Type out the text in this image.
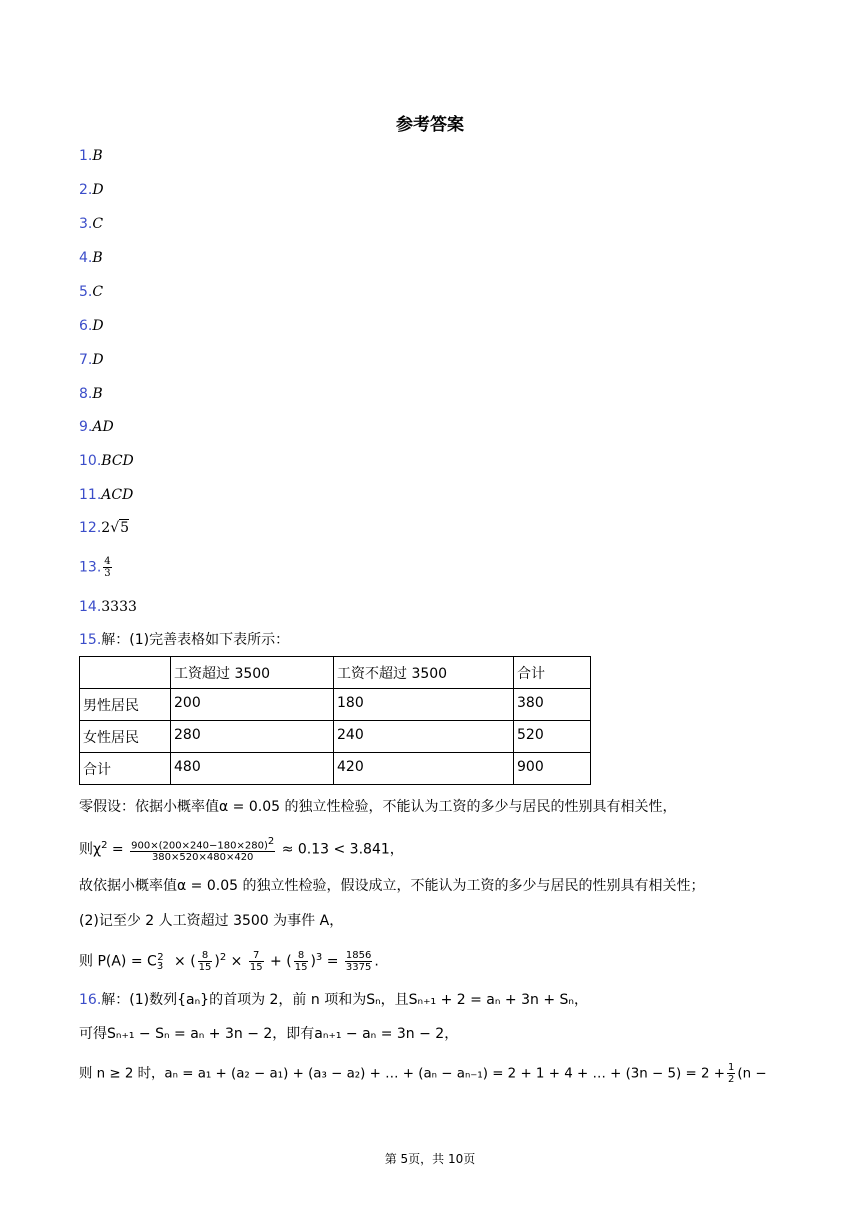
参考答案
1.B
2.D
3.C
4.B
5.C
6.D
7.D
8.B
9.AD
10.BCD
11.ACD
12.2√5
13. $\frac{4}{3}$
14.3333
15.解：(1)完善表格如下表所示：
	工资超过 3500	工资不超过 3500	合计
男性居民	200	180	380
女性居民	280	240	520
合计	480	420	900
零假设：依据小概率值α = 0.05 的独立性检验，不能认为工资的多少与居民的性别具有相关性，
则$\chi^2 = \frac{900\times(200\times 240-180\times 280)^2}{380\times 520\times 480\times 420} \approx 0.13 < 3.841$，
故依据小概率值α = 0.05 的独立性检验，假设成立，不能认为工资的多少与居民的性别具有相关性；
(2)记至少 2 人工资超过 3500 为事件 A，
则 $P(A) = C_3^2$ × ( $\frac{8}{15} )^2 \times \frac{7}{15}$ + ( $\frac{8}{15} )^3 = \frac{1856}{3375}$ .
16.解：(1)数列{aₙ}的首项为 2，前 n 项和为Sₙ，且Sₙ₊₁ + 2 = aₙ + 3n + Sₙ，
可得Sₙ₊₁ − Sₙ = aₙ + 3n − 2，即有aₙ₊₁ − aₙ = 3n − 2，
则 n ≥ 2 时，aₙ = a₁ + (a₂ − a₁) + (a₃ − a₂) + … + (aₙ − aₙ₋₁) = 2 + 1 + 4 + … + $(3n - 5) = 2 + \frac{1}{2} (n$ −
第 5页，共 10页
